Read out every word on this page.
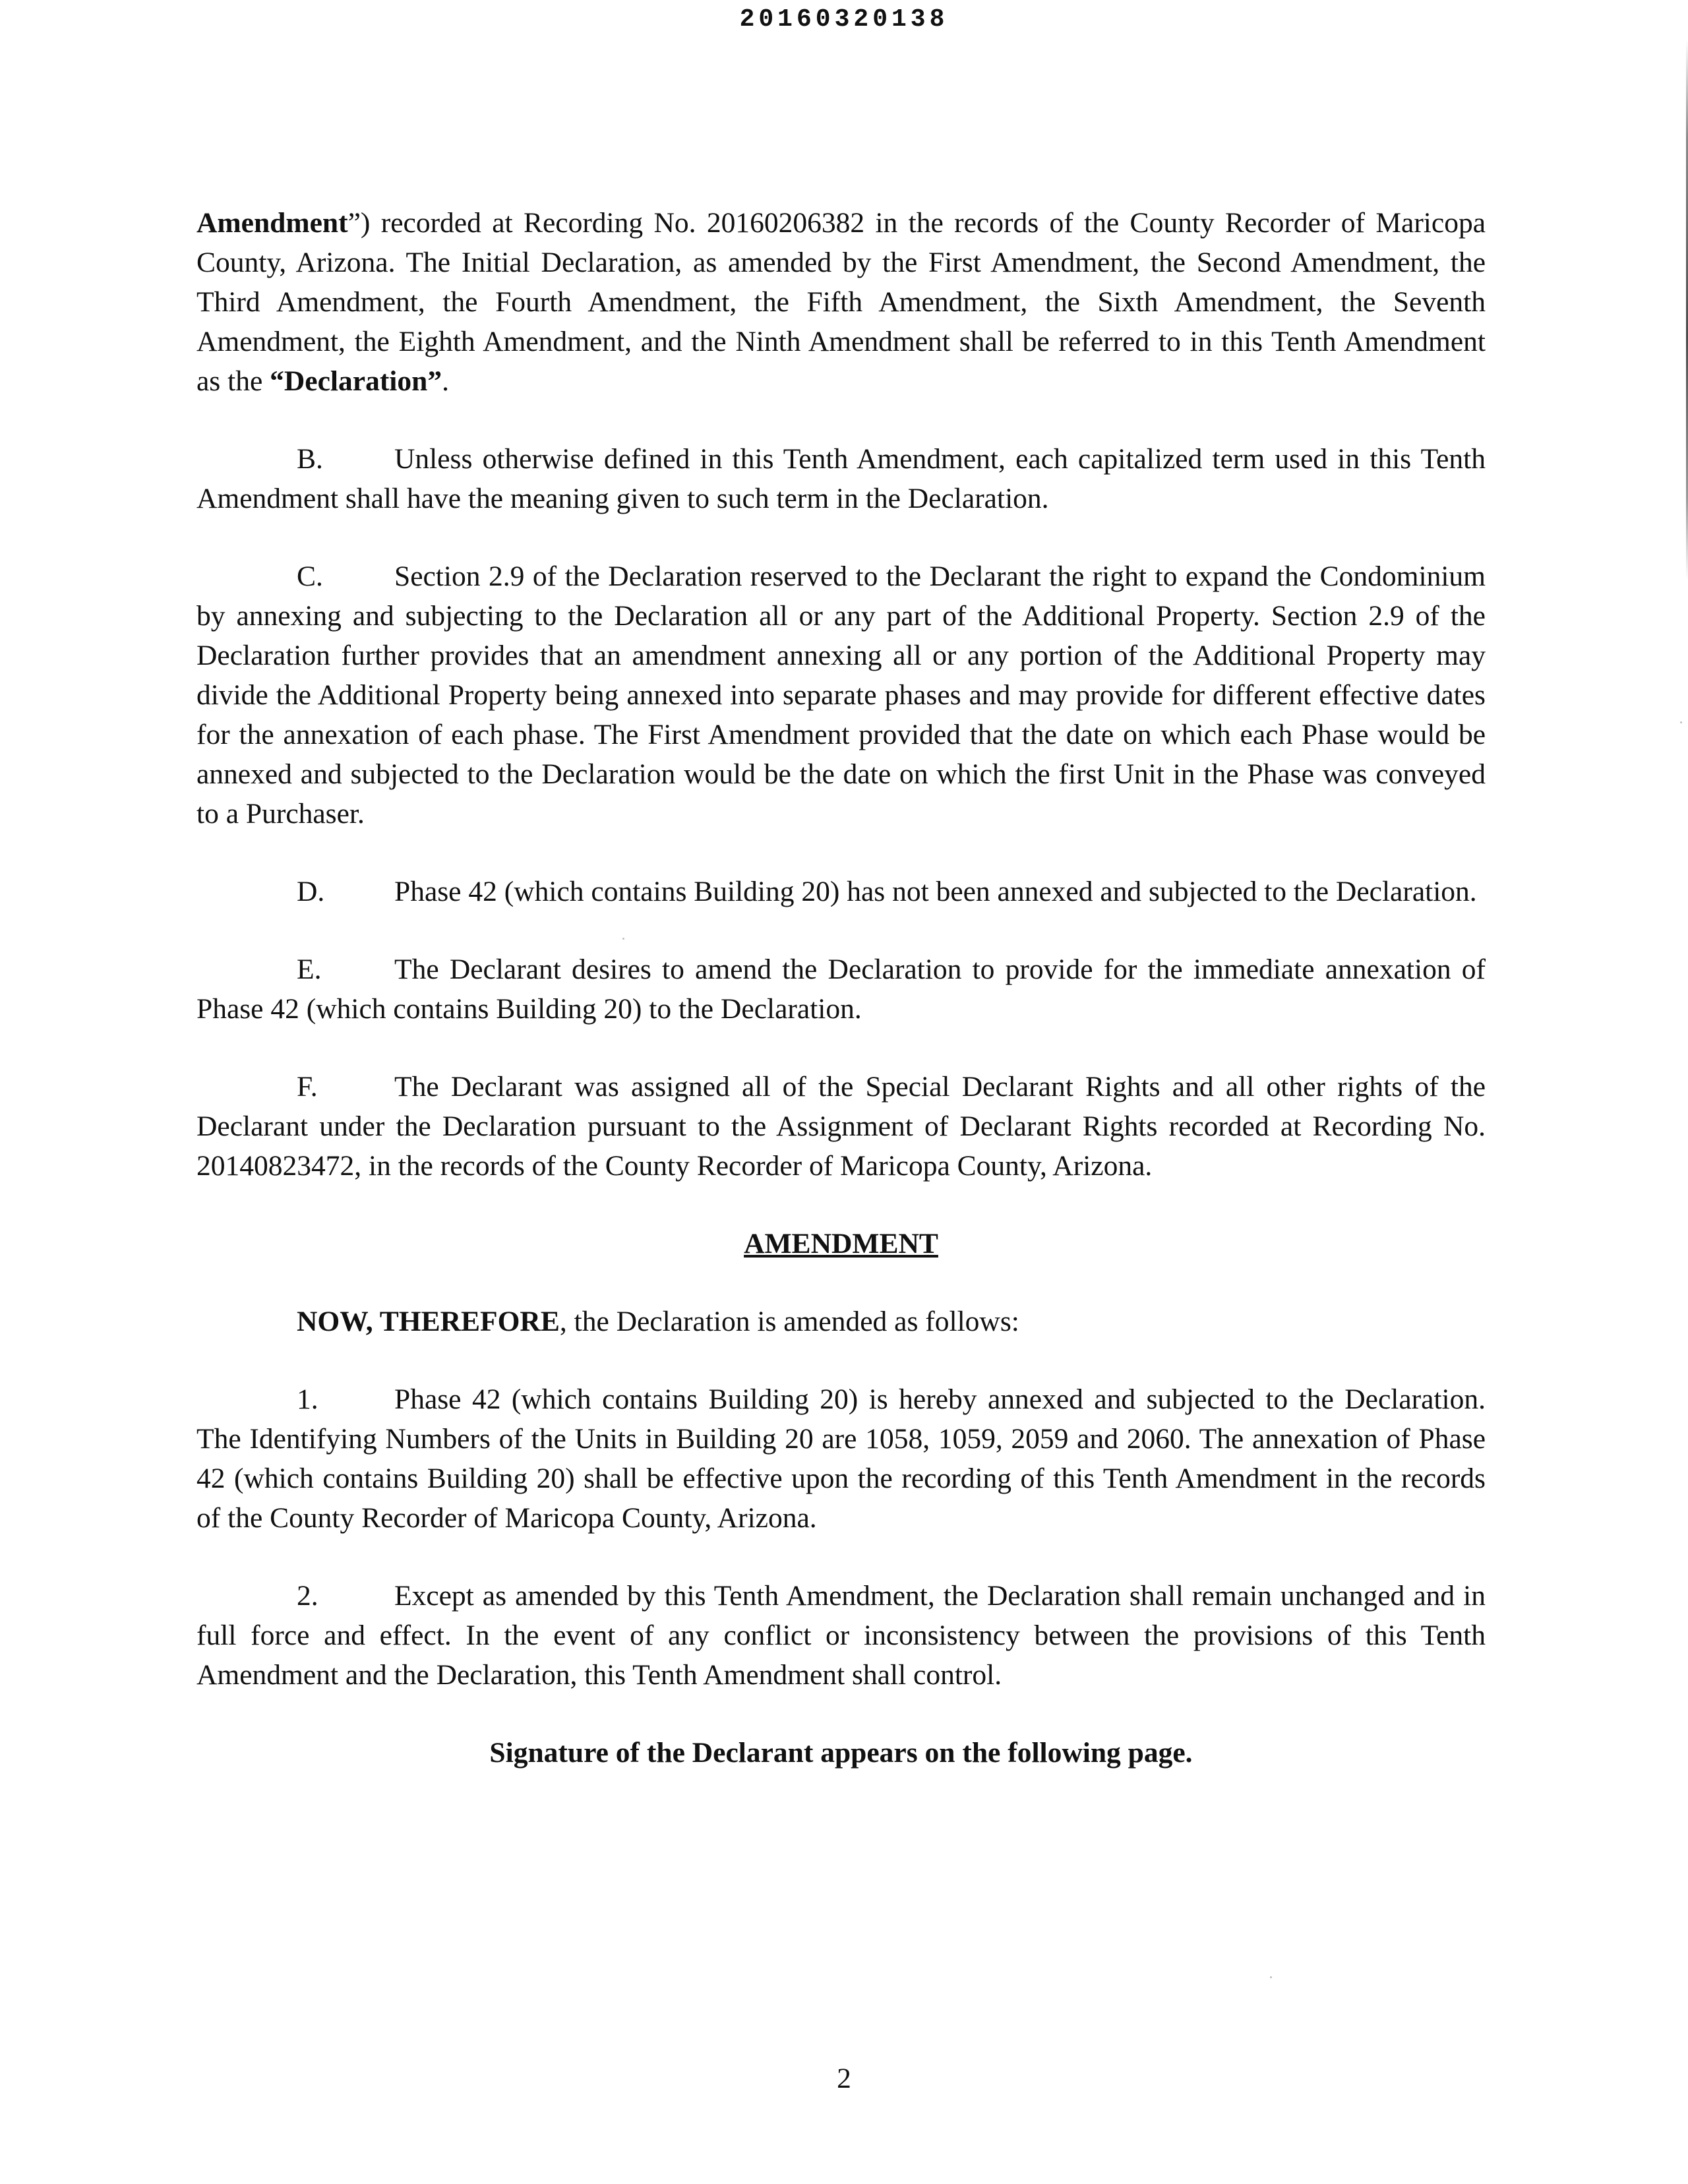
20160320138

Amendment”) recorded at Recording No. 20160206382 in the records of the County Recorder of Maricopa County, Arizona. The Initial Declaration, as amended by the First Amendment, the Second Amendment, the Third Amendment, the Fourth Amendment, the Fifth Amendment, the Sixth Amendment, the Seventh Amendment, the Eighth Amendment, and the Ninth Amendment shall be referred to in this Tenth Amendment as the “Declaration”.

B. Unless otherwise defined in this Tenth Amendment, each capitalized term used in this Tenth Amendment shall have the meaning given to such term in the Declaration.

C. Section 2.9 of the Declaration reserved to the Declarant the right to expand the Condominium by annexing and subjecting to the Declaration all or any part of the Additional Property. Section 2.9 of the Declaration further provides that an amendment annexing all or any portion of the Additional Property may divide the Additional Property being annexed into separate phases and may provide for different effective dates for the annexation of each phase. The First Amendment provided that the date on which each Phase would be annexed and subjected to the Declaration would be the date on which the first Unit in the Phase was conveyed to a Purchaser.

D. Phase 42 (which contains Building 20) has not been annexed and subjected to the Declaration.

E.	The Declarant desires to amend the Declaration to provide for the immediate annexation of Phase 42 (which contains Building 20) to the Declaration.

F.	The Declarant was assigned all of the Special Declarant Rights and all other rights of the Declarant under the Declaration pursuant to the Assignment of Declarant Rights recorded at Recording No. 20140823472, in the records of the County Recorder of Maricopa County, Arizona.

AMENDMENT

NOW, THEREFORE, the Declaration is amended as follows:

1.	Phase 42 (which contains Building 20) is hereby annexed and subjected to the Declaration. The Identifying Numbers of the Units in Building 20 are 1058, 1059, 2059 and 2060. The annexation of Phase 42 (which contains Building 20) shall be effective upon the recording of this Tenth Amendment in the records of the County Recorder of Maricopa County, Arizona.

2.	Except as amended by this Tenth Amendment, the Declaration shall remain unchanged and in full force and effect. In the event of any conflict or inconsistency between the provisions of this Tenth Amendment and the Declaration, this Tenth Amendment shall control.

Signature of the Declarant appears on the following page.

2
